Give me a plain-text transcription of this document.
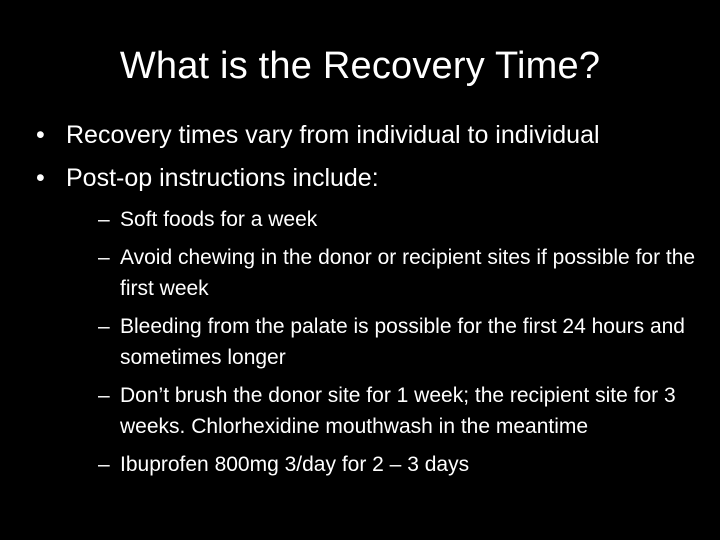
What is the Recovery Time?
• Recovery times vary from individual to individual
• Post-op instructions include:
– Soft foods for a week
– Avoid chewing in the donor or recipient sites if possible for the first week
– Bleeding from the palate is possible for the first 24 hours and sometimes longer
– Don’t brush the donor site for 1 week; the recipient site for 3 weeks. Chlorhexidine mouthwash in the meantime
– Ibuprofen 800mg 3/day for 2 – 3 days
